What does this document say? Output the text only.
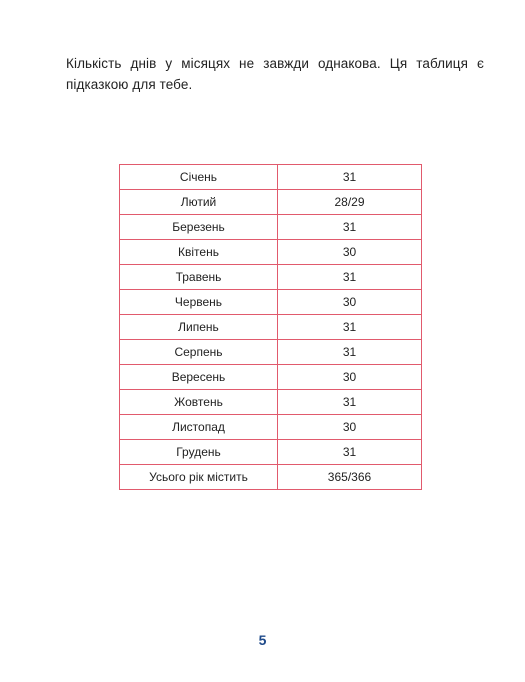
Кількість днів у місяцях не завжди однакова. Ця таблиця є підказкою для тебе.

Січень	31
Лютий	28/29
Березень	31
Квітень	30
Травень	31
Червень	30
Липень	31
Серпень	31
Вересень	30
Жовтень	31
Листопад	30
Грудень	31
Усього рік містить	365/366
5
